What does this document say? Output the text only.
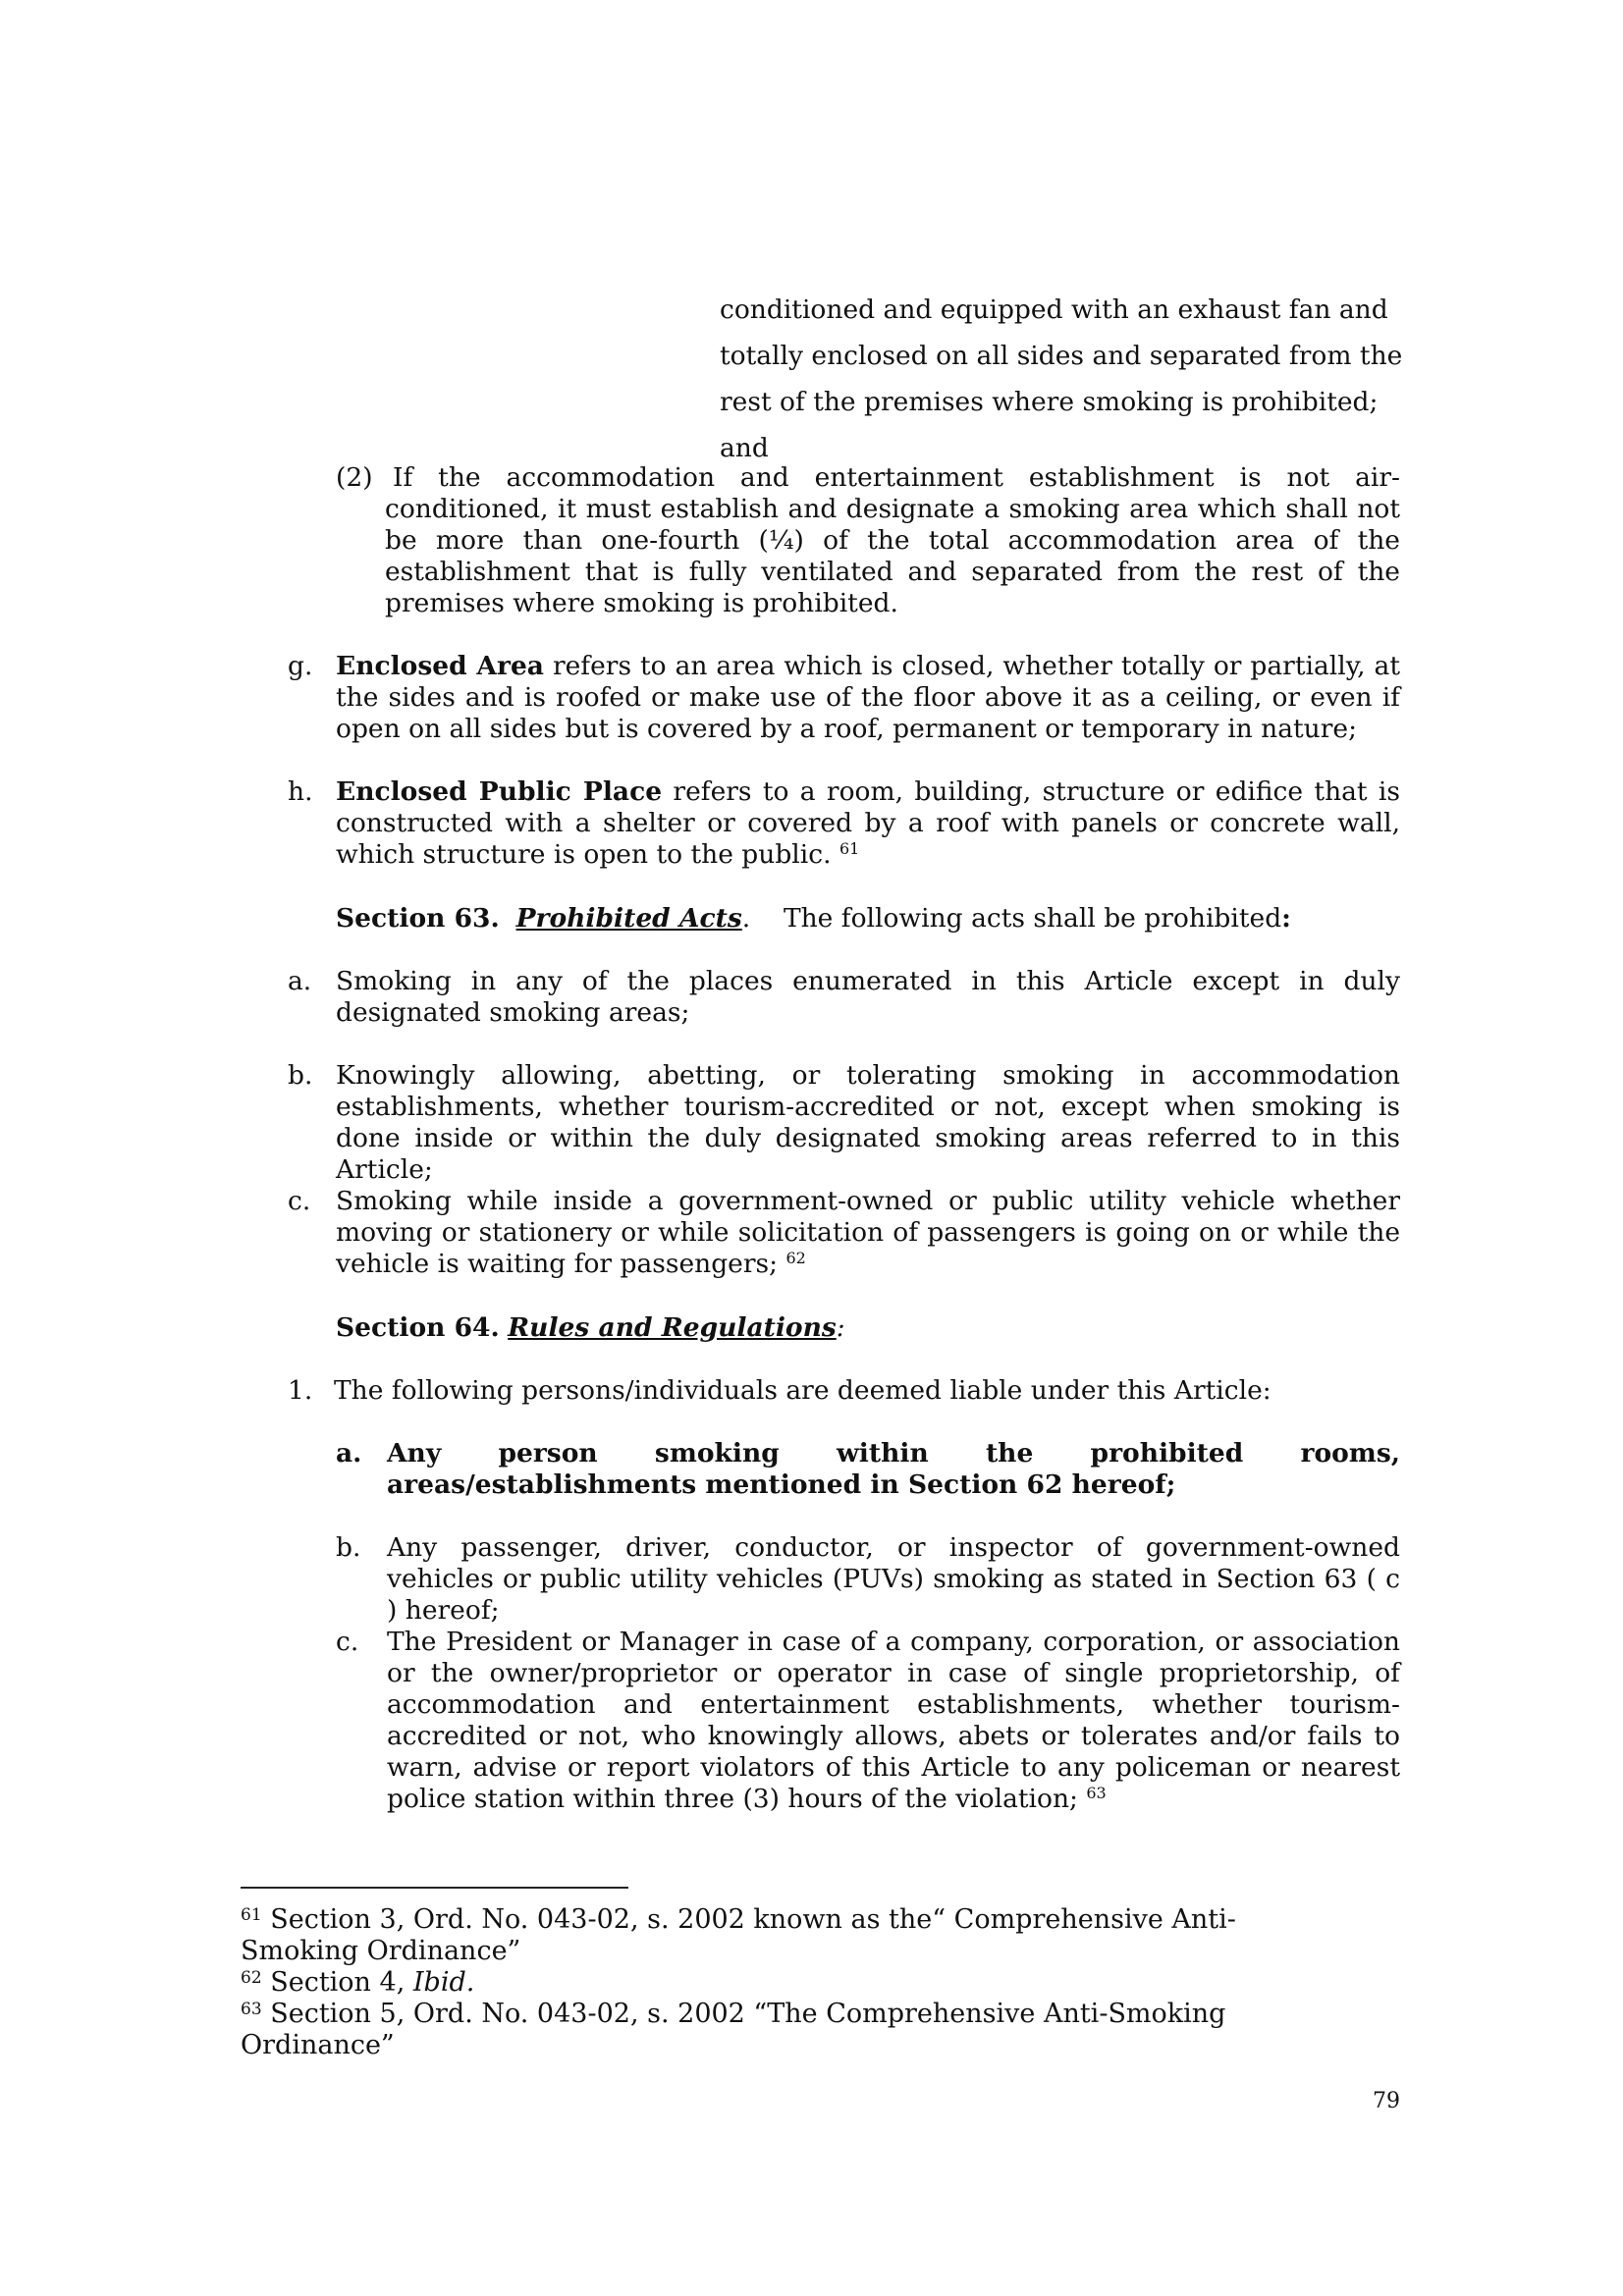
conditioned and equipped with an exhaust fan and
totally enclosed on all sides and separated from the
rest of the premises where smoking is prohibited; and
(2) If the accommodation and entertainment establishment is not air-conditioned, it must establish and designate a smoking area which shall not be more than one-fourth (¼) of the total accommodation area of the establishment that is fully ventilated and separated from the rest of the premises where smoking is prohibited.
g. Enclosed Area refers to an area which is closed, whether totally or partially, at the sides and is roofed or make use of the floor above it as a ceiling, or even if open on all sides but is covered by a roof, permanent or temporary in nature;
h. Enclosed Public Place refers to a room, building, structure or edifice that is constructed with a shelter or covered by a roof with panels or concrete wall, which structure is open to the public. $^{61}$
Section 63. Prohibited Acts. The following acts shall be prohibited:
a. Smoking in any of the places enumerated in this Article except in duly designated smoking areas;
b. Knowingly allowing, abetting, or tolerating smoking in accommodation establishments, whether tourism-accredited or not, except when smoking is done inside or within the duly designated smoking areas referred to in this Article;
c. Smoking while inside a government-owned or public utility vehicle whether moving or stationery or while solicitation of passengers is going on or while the vehicle is waiting for passengers; $^{62}$
Section 64. Rules and Regulations:
1. The following persons/individuals are deemed liable under this Article:
a. Any person smoking within the prohibited rooms, areas/establishments mentioned in Section 62 hereof;
b. Any passenger, driver, conductor, or inspector of government-owned vehicles or public utility vehicles (PUVs) smoking as stated in Section 63 ( c ) hereof;
c. The President or Manager in case of a company, corporation, or association or the owner/proprietor or operator in case of single proprietorship, of accommodation and entertainment establishments, whether tourism-accredited or not, who knowingly allows, abets or tolerates and/or fails to warn, advise or report violators of this Article to any policeman or nearest police station within three (3) hours of the violation; $^{63}$
$^{61}$ Section 3, Ord. No. 043-02, s. 2002 known as the“ Comprehensive Anti-Smoking Ordinance”
$^{62}$ Section 4, Ibid.
$^{63}$ Section 5, Ord. No. 043-02, s. 2002 “The Comprehensive Anti-Smoking Ordinance”
79
